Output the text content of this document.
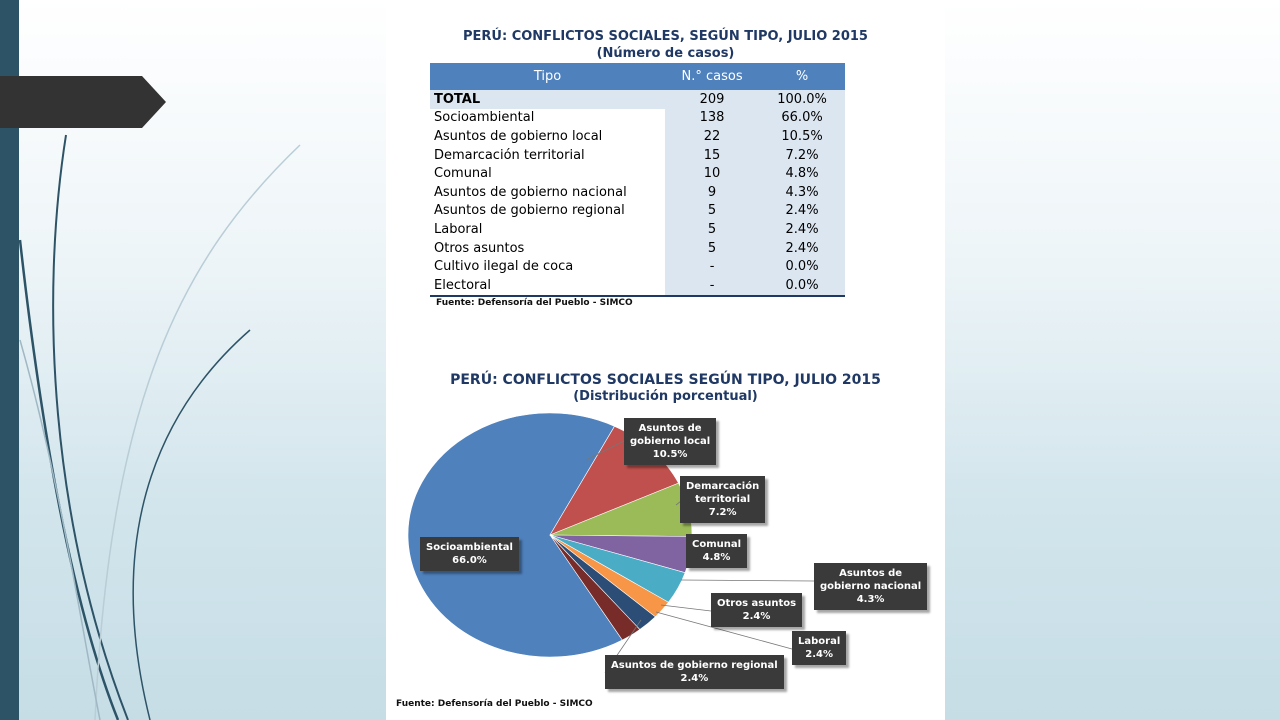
PERÚ: CONFLICTOS SOCIALES, SEGÚN TIPO, JULIO 2015
(Número de casos)
Tipo	N.° casos	%
TOTAL	209	100.0%
Socioambiental	138	66.0%
Asuntos de gobierno local	22	10.5%
Demarcación territorial	15	7.2%
Comunal	10	4.8%
Asuntos de gobierno nacional	9	4.3%
Asuntos de gobierno regional	5	2.4%
Laboral	5	2.4%
Otros asuntos	5	2.4%
Cultivo ilegal de coca	-	0.0%
Electoral	-	0.0%
Fuente: Defensoría del Pueblo - SIMCO
PERÚ: CONFLICTOS SOCIALES SEGÚN TIPO, JULIO 2015
(Distribución porcentual)
Socioambiental
66.0%
Asuntos de
gobierno local
10.5%
Demarcación
territorial
7.2%
Comunal
4.8%
Asuntos de
gobierno nacional
4.3%
Otros asuntos
2.4%
Laboral
2.4%
Asuntos de gobierno regional
2.4%
Fuente: Defensoría del Pueblo - SIMCO
